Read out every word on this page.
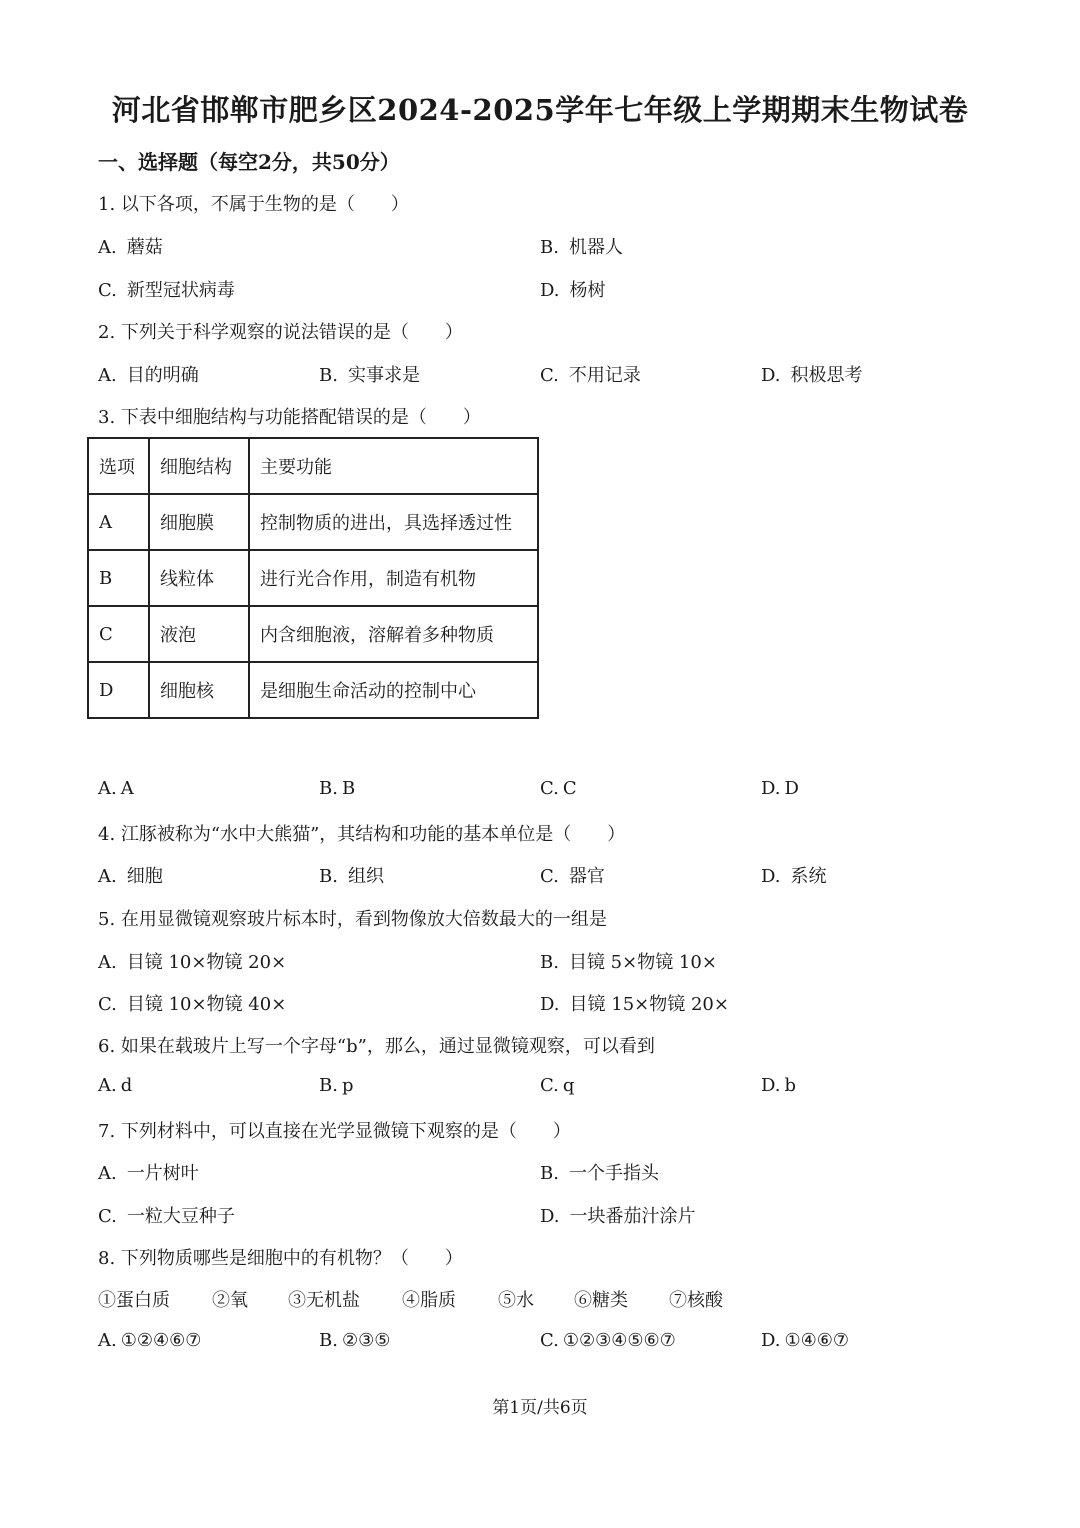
河北省邯郸市肥乡区2024-2025学年七年级上学期期末生物试卷
一、选择题（每空2分，共50分）
1. 以下各项，不属于生物的是（　　）
A. 蘑菇	B. 机器人
C. 新型冠状病毒	D. 杨树
2. 下列关于科学观察的说法错误的是（　　）
A. 目的明确	B. 实事求是	C. 不用记录	D. 积极思考
3. 下表中细胞结构与功能搭配错误的是（　　）
选项	细胞结构	主要功能
A	细胞膜	控制物质的进出，具选择透过性
B	线粒体	进行光合作用，制造有机物
C	液泡	内含细胞液，溶解着多种物质
D	细胞核	是细胞生命活动的控制中心
A. A	B. B	C. C	D. D
4. 江豚被称为“水中大熊猫”，其结构和功能的基本单位是（　　）
A. 细胞	B. 组织	C. 器官	D. 系统
5. 在用显微镜观察玻片标本时，看到物像放大倍数最大的一组是
A. 目镜 10×物镜 20×	B. 目镜 5×物镜 10×
C. 目镜 10×物镜 40×	D. 目镜 15×物镜 20×
6. 如果在载玻片上写一个字母“b”，那么，通过显微镜观察，可以看到
A. d	B. p	C. q	D. b
7. 下列材料中，可以直接在光学显微镜下观察的是（　　）
A. 一片树叶	B. 一个手指头
C. 一粒大豆种子	D. 一块番茄汁涂片
8. 下列物质哪些是细胞中的有机物？（　　）
①蛋白质 ②氧 ③无机盐 ④脂质 ⑤水 ⑥糖类 ⑦核酸
A. ①②④⑥⑦	B. ②③⑤	C. ①②③④⑤⑥⑦	D. ①④⑥⑦
第1页/共6页
